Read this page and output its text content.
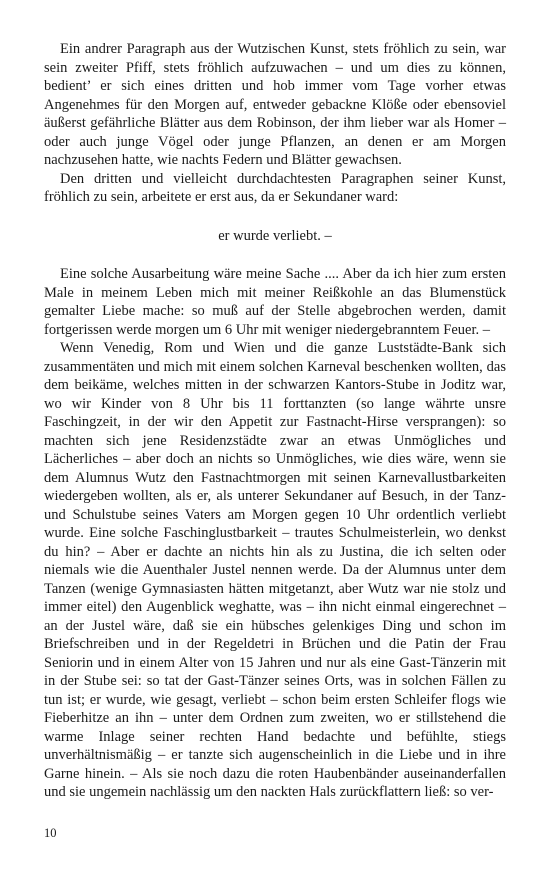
Ein andrer Paragraph aus der Wutzischen Kunst, stets fröhlich zu sein, war sein zweiter Pfiff, stets fröhlich aufzuwachen – und um dies zu können, bedient’ er sich eines dritten und hob immer vom Tage vorher etwas Angenehmes für den Morgen auf, entweder gebackne Klöße oder ebensoviel äußerst gefährliche Blätter aus dem Robinson, der ihm lieber war als Homer – oder auch junge Vögel oder junge Pflanzen, an denen er am Morgen nachzusehen hatte, wie nachts Federn und Blätter gewachsen.

Den dritten und vielleicht durchdachtesten Paragraphen seiner Kunst, fröhlich zu sein, arbeitete er erst aus, da er Sekundaner ward:

er wurde verliebt. –

Eine solche Ausarbeitung wäre meine Sache .... Aber da ich hier zum ersten Male in meinem Leben mich mit meiner Reißkohle an das Blumenstück gemalter Liebe mache: so muß auf der Stelle abgebrochen werden, damit fortgerissen werde morgen um 6 Uhr mit weniger niedergebranntem Feuer. –

Wenn Venedig, Rom und Wien und die ganze Luststädte-Bank sich zusammentäten und mich mit einem solchen Karneval beschenken wollten, das dem beikäme, welches mitten in der schwarzen Kantors-Stube in Joditz war, wo wir Kinder von 8 Uhr bis 11 forttanzten (so lange währte unsre Faschingzeit, in der wir den Appetit zur Fastnacht-Hirse versprangen): so machten sich jene Residenzstädte zwar an etwas Unmögliches und Lächerliches – aber doch an nichts so Unmögliches, wie dies wäre, wenn sie dem Alumnus Wutz den Fastnachtmorgen mit seinen Karnevallustbarkeiten wiedergeben wollten, als er, als unterer Sekundaner auf Besuch, in der Tanz- und Schulstube seines Vaters am Morgen gegen 10 Uhr ordentlich verliebt wurde. Eine solche Faschinglustbarkeit – trautes Schulmeisterlein, wo denkst du hin? – Aber er dachte an nichts hin als zu Justina, die ich selten oder niemals wie die Auenthaler Justel nennen werde. Da der Alumnus unter dem Tanzen (wenige Gymnasiasten hätten mitgetanzt, aber Wutz war nie stolz und immer eitel) den Augenblick weghatte, was – ihn nicht einmal eingerechnet – an der Justel wäre, daß sie ein hübsches gelenkiges Ding und schon im Briefschreiben und in der Regeldetri in Brüchen und die Patin der Frau Seniorin und in einem Alter von 15 Jahren und nur als eine Gast-Tänzerin mit in der Stube sei: so tat der Gast-Tänzer seines Orts, was in solchen Fällen zu tun ist; er wurde, wie gesagt, verliebt – schon beim ersten Schleifer flogs wie Fieberhitze an ihn – unter dem Ordnen zum zweiten, wo er stillstehend die warme Inlage seiner rechten Hand bedachte und befühlte, stiegs unverhältnismäßig – er tanzte sich augenscheinlich in die Liebe und in ihre Garne hinein. – Als sie noch dazu die roten Haubenbänder auseinanderfallen und sie ungemein nachlässig um den nackten Hals zurückflattern ließ: so ver-

10
